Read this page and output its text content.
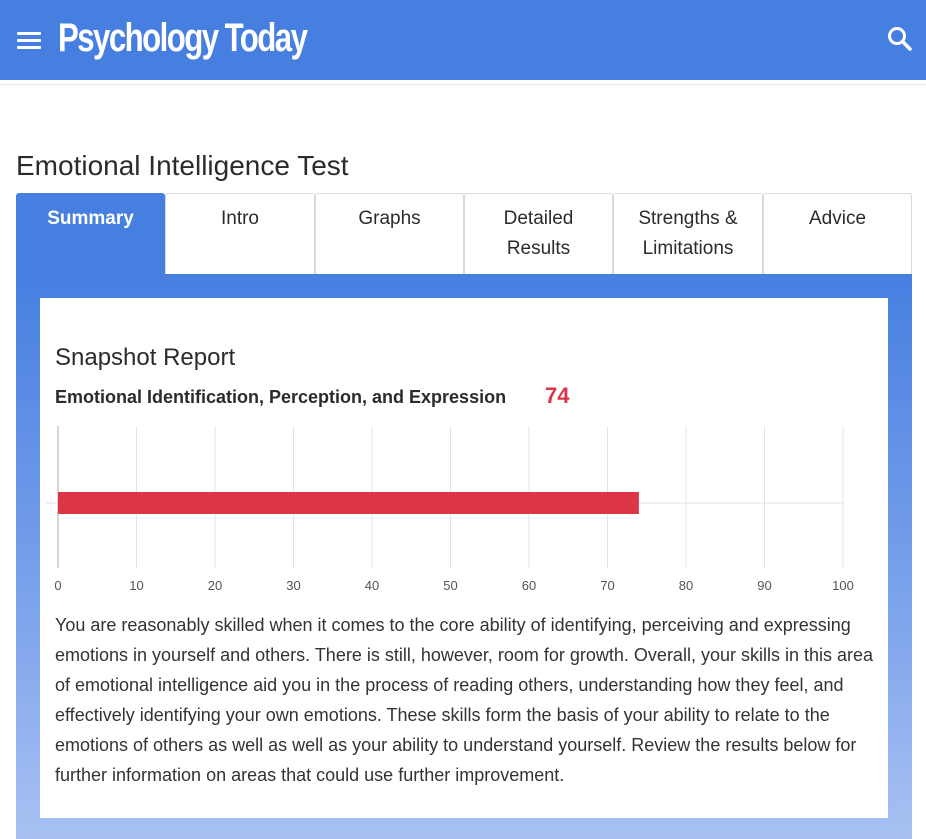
Psychology Today
Emotional Intelligence Test
Summary	Intro	Graphs	Detailed Results
Strengths & Limitations
Advice
Snapshot Report
Emotional Identification, Perception, and Expression 74
0	10	20	30	40	50	60	70	80	90	100

You are reasonably skilled when it comes to the core ability of identifying, perceiving and expressing emotions in yourself and others. There is still, however, room for growth. Overall, your skills in this area of emotional intelligence aid you in the process of reading others, understanding how they feel, and effectively identifying your own emotions. These skills form the basis of your ability to relate to the emotions of others as well as well as your ability to understand yourself. Review the results below for further information on areas that could use further improvement.
